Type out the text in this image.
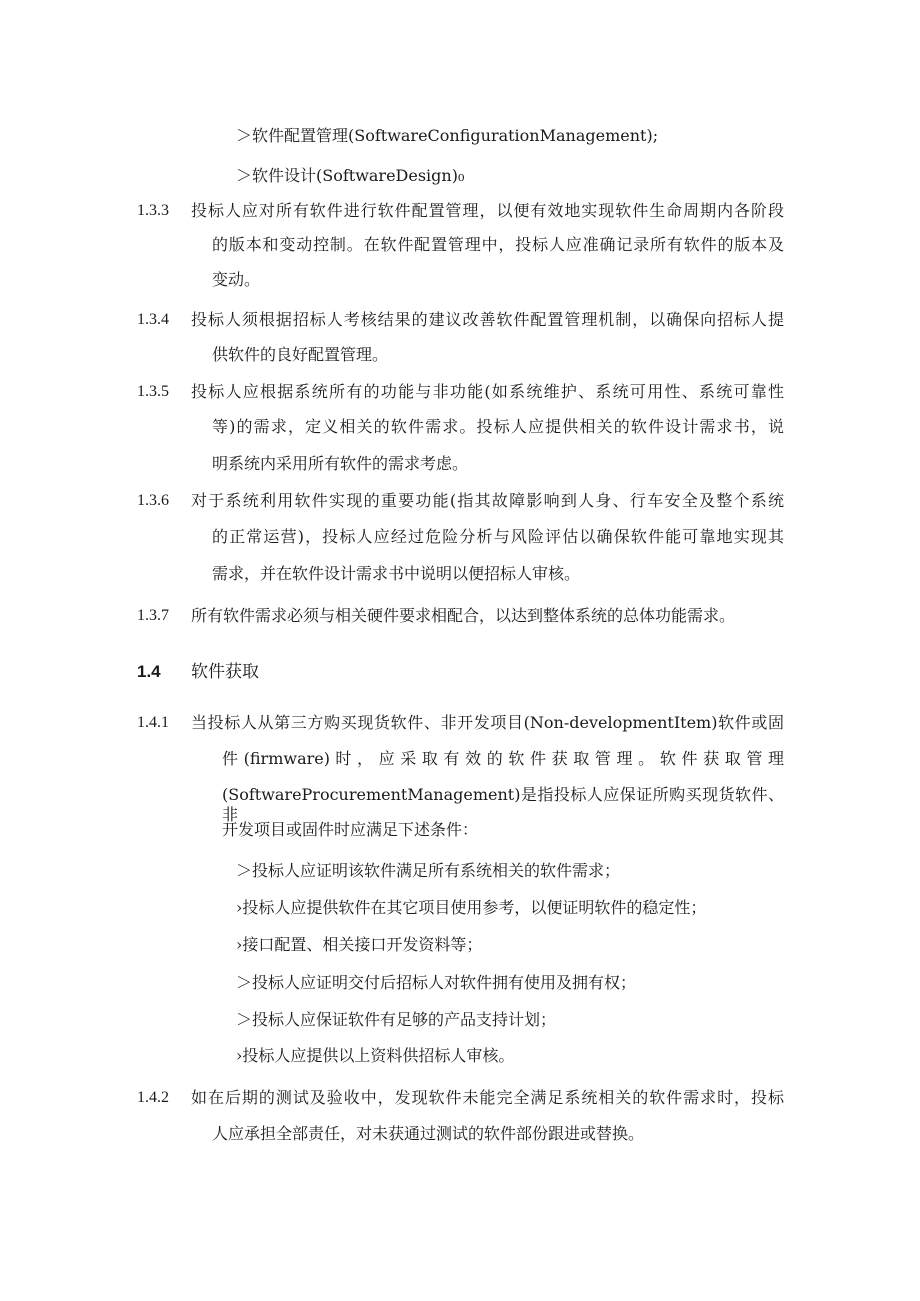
＞软件配置管理(SoftwareConfigurationManagement);
＞软件设计(SoftwareDesign)₀
1.3.3 投标人应对所有软件进行软件配置管理，以便有效地实现软件生命周期内各阶段
的版本和变动控制。在软件配置管理中，投标人应准确记录所有软件的版本及
变动。
1.3.4 投标人须根据招标人考核结果的建议改善软件配置管理机制，以确保向招标人提
供软件的良好配置管理。
1.3.5 投标人应根据系统所有的功能与非功能(如系统维护、系统可用性、系统可靠性
等)的需求，定义相关的软件需求。投标人应提供相关的软件设计需求书，说
明系统内采用所有软件的需求考虑。
1.3.6 对于系统利用软件实现的重要功能(指其故障影响到人身、行车安全及整个系统
的正常运营)，投标人应经过危险分析与风险评估以确保软件能可靠地实现其
需求，并在软件设计需求书中说明以便招标人审核。
1.3.7 所有软件需求必须与相关硬件要求相配合，以达到整体系统的总体功能需求。
1.4 软件获取
1.4.1 当投标人从第三方购买现货软件、非开发项目(Non-developmentItem)软件或固
件 (firmware) 时 ， 应 采 取 有 效 的 软 件 获 取 管 理 。 软 件 获 取 管 理
(SoftwareProcurementManagement)是指投标人应保证所购买现货软件、非
开发项目或固件时应满足下述条件：
＞投标人应证明该软件满足所有系统相关的软件需求；
›投标人应提供软件在其它项目使用参考，以便证明软件的稳定性；
›接口配置、相关接口开发资料等；
＞投标人应证明交付后招标人对软件拥有使用及拥有权；
＞投标人应保证软件有足够的产品支持计划；
›投标人应提供以上资料供招标人审核。
1.4.2 如在后期的测试及验收中，发现软件未能完全满足系统相关的软件需求时，投标
人应承担全部责任，对未获通过测试的软件部份跟进或替换。
